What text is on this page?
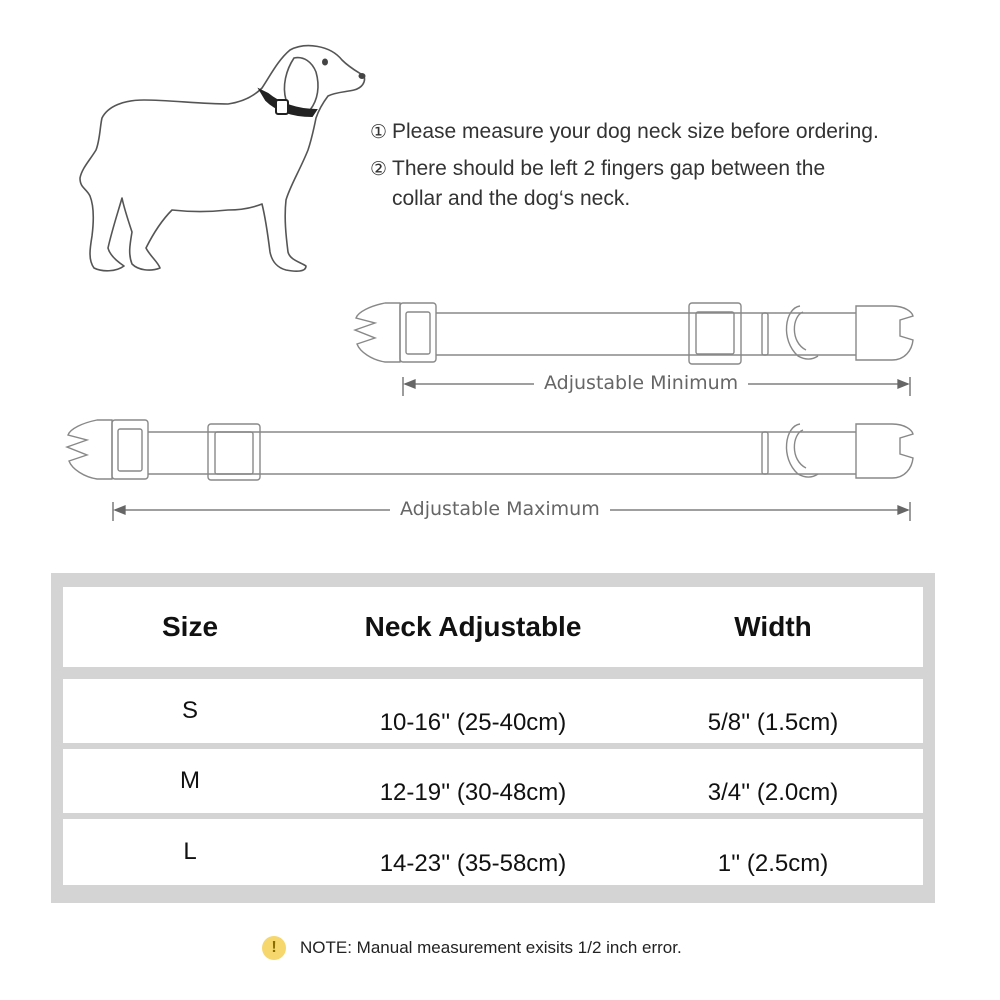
① Please measure your dog neck size before ordering.
② There should be left 2 fingers gap between the
collar and the dog‘s neck.
Adjustable Minimum
Adjustable Maximum
Size	Neck Adjustable	Width
S	10-16'' (25-40cm)	5/8'' (1.5cm)
M	12-19'' (30-48cm)	3/4'' (2.0cm)
L	14-23'' (35-58cm)	1'' (2.5cm)
!	NOTE: Manual measurement exisits 1/2 inch error.
